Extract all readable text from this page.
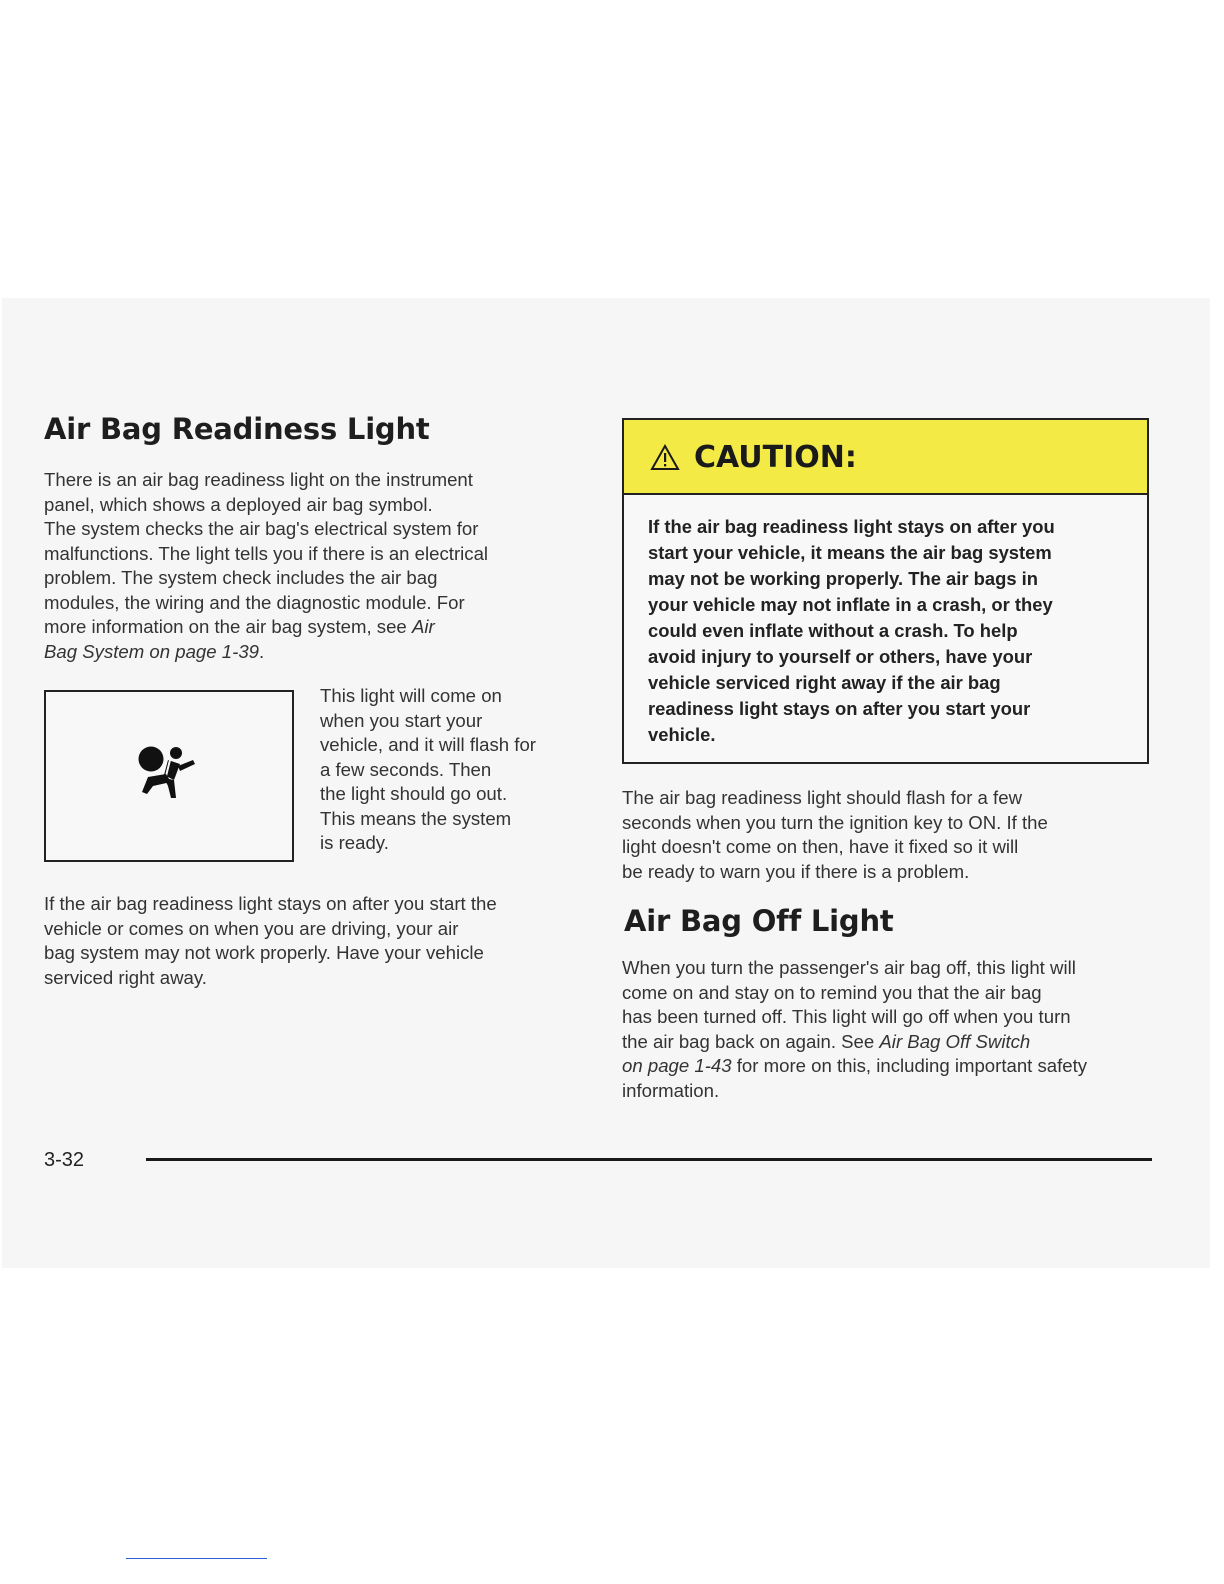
Air Bag Readiness Light

There is an air bag readiness light on the instrument
panel, which shows a deployed air bag symbol.
The system checks the air bag's electrical system for
malfunctions. The light tells you if there is an electrical
problem. The system check includes the air bag
modules, the wiring and the diagnostic module. For
more information on the air bag system, see Air
Bag System on page 1-39.

This light will come on
when you start your
vehicle, and it will flash for
a few seconds. Then
the light should go out.
This means the system
is ready.

If the air bag readiness light stays on after you start the
vehicle or comes on when you are driving, your air
bag system may not work properly. Have your vehicle
serviced right away.

CAUTION:
If the air bag readiness light stays on after you
start your vehicle, it means the air bag system
may not be working properly. The air bags in
your vehicle may not inflate in a crash, or they
could even inflate without a crash. To help
avoid injury to yourself or others, have your
vehicle serviced right away if the air bag
readiness light stays on after you start your
vehicle.

The air bag readiness light should flash for a few
seconds when you turn the ignition key to ON. If the
light doesn't come on then, have it fixed so it will
be ready to warn you if there is a problem.

Air Bag Off Light

When you turn the passenger's air bag off, this light will
come on and stay on to remind you that the air bag
has been turned off. This light will go off when you turn
the air bag back on again. See Air Bag Off Switch
on page 1-43 for more on this, including important safety
information.

3-32
